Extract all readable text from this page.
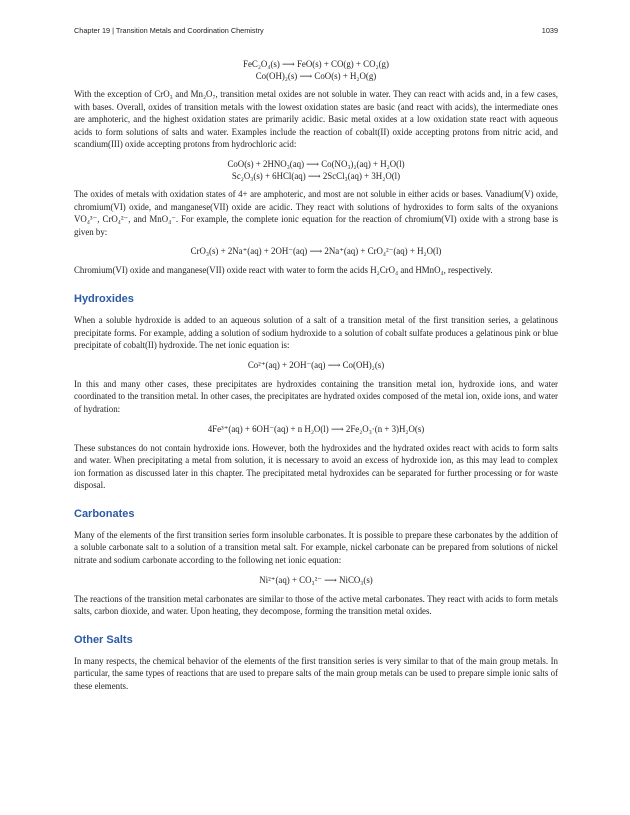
Chapter 19 | Transition Metals and Coordination Chemistry	1039
FeC₂O₄(s) ⟶ FeO(s) + CO(g) + CO₂(g)
Co(OH)₂(s) ⟶ CoO(s) + H₂O(g)

With the exception of CrO₃ and Mn₂O₇, transition metal oxides are not soluble in water. They can react with acids and, in a few cases, with bases. Overall, oxides of transition metals with the lowest oxidation states are basic (and react with acids), the intermediate ones are amphoteric, and the highest oxidation states are primarily acidic. Basic metal oxides at a low oxidation state react with aqueous acids to form solutions of salts and water. Examples include the reaction of cobalt(II) oxide accepting protons from nitric acid, and scandium(III) oxide accepting protons from hydrochloric acid:

CoO(s) + 2HNO₃(aq) ⟶ Co(NO₃)₂(aq) + H₂O(l)
Sc₂O₃(s) + 6HCl(aq) ⟶ 2ScCl₃(aq) + 3H₂O(l)

The oxides of metals with oxidation states of 4+ are amphoteric, and most are not soluble in either acids or bases. Vanadium(V) oxide, chromium(VI) oxide, and manganese(VII) oxide are acidic. They react with solutions of hydroxides to form salts of the oxyanions VO₄³⁻, CrO₄²⁻, and MnO₄⁻. For example, the complete ionic equation for the reaction of chromium(VI) oxide with a strong base is given by:

CrO₃(s) + 2Na⁺(aq) + 2OH⁻(aq) ⟶ 2Na⁺(aq) + CrO₄²⁻(aq) + H₂O(l)

Chromium(VI) oxide and manganese(VII) oxide react with water to form the acids H₂CrO₄ and HMnO₄, respectively.

Hydroxides

When a soluble hydroxide is added to an aqueous solution of a salt of a transition metal of the first transition series, a gelatinous precipitate forms. For example, adding a solution of sodium hydroxide to a solution of cobalt sulfate produces a gelatinous pink or blue precipitate of cobalt(II) hydroxide. The net ionic equation is:

Co²⁺(aq) + 2OH⁻(aq) ⟶ Co(OH)₂(s)

In this and many other cases, these precipitates are hydroxides containing the transition metal ion, hydroxide ions, and water coordinated to the transition metal. In other cases, the precipitates are hydrated oxides composed of the metal ion, oxide ions, and water of hydration:

4Fe³⁺(aq) + 6OH⁻(aq) + n H₂O(l) ⟶ 2Fe₂O₃·(n + 3)H₂O(s)

These substances do not contain hydroxide ions. However, both the hydroxides and the hydrated oxides react with acids to form salts and water. When precipitating a metal from solution, it is necessary to avoid an excess of hydroxide ion, as this may lead to complex ion formation as discussed later in this chapter. The precipitated metal hydroxides can be separated for further processing or for waste disposal.

Carbonates

Many of the elements of the first transition series form insoluble carbonates. It is possible to prepare these carbonates by the addition of a soluble carbonate salt to a solution of a transition metal salt. For example, nickel carbonate can be prepared from solutions of nickel nitrate and sodium carbonate according to the following net ionic equation:

Ni²⁺(aq) + CO₃²⁻ ⟶ NiCO₃(s)

The reactions of the transition metal carbonates are similar to those of the active metal carbonates. They react with acids to form metals salts, carbon dioxide, and water. Upon heating, they decompose, forming the transition metal oxides.

Other Salts

In many respects, the chemical behavior of the elements of the first transition series is very similar to that of the main group metals. In particular, the same types of reactions that are used to prepare salts of the main group metals can be used to prepare simple ionic salts of these elements.
